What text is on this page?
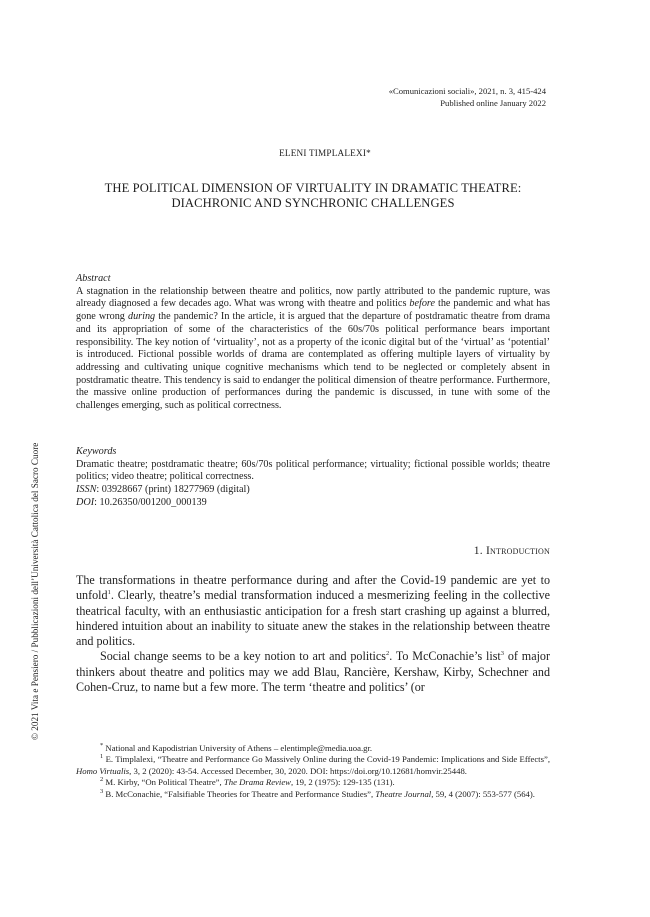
«Comunicazioni sociali», 2021, n. 3, 415-424
Published online January 2022
ELENI TIMPLALEXI*
THE POLITICAL DIMENSION OF VIRTUALITY IN DRAMATIC THEATRE:
DIACHRONIC AND SYNCHRONIC CHALLENGES
Abstract
A stagnation in the relationship between theatre and politics, now partly attributed to the pandemic rupture, was already diagnosed a few decades ago. What was wrong with theatre and politics before the pandemic and what has gone wrong during the pandemic? In the article, it is argued that the departure of postdramatic theatre from drama and its appropriation of some of the characteristics of the 60s/70s political performance bears important responsibility. The key notion of ‘virtuality’, not as a property of the iconic digital but of the ‘virtual’ as ‘potential’ is introduced. Fictional possible worlds of drama are contemplated as offering multiple layers of virtuality by addressing and cultivating unique cognitive mechanisms which tend to be neglected or completely absent in postdramatic theatre. This tendency is said to endanger the political dimension of theatre performance. Furthermore, the massive online production of performances during the pandemic is discussed, in tune with some of the challenges emerging, such as political correctness.
Keywords
Dramatic theatre; postdramatic theatre; 60s/70s political performance; virtuality; fictional possible worlds; theatre politics; video theatre; political correctness.
ISSN: 03928667 (print) 18277969 (digital)
DOI: 10.26350/001200_000139
1. Introduction

The transformations in theatre performance during and after the Covid-19 pandemic are yet to unfold$^1$. Clearly, theatre’s medial transformation induced a mesmerizing feeling in the collective theatrical faculty, with an enthusiastic anticipation for a fresh start crashing up against a blurred, hindered intuition about an inability to situate anew the stakes in the relationship between theatre and politics.

Social change seems to be a key notion to art and politics$^2$. To McConachie’s list$^3$ of major thinkers about theatre and politics may we add Blau, Rancière, Kershaw, Kirby, Schechner and Cohen-Cruz, to name but a few more. The term ‘theatre and politics’ (or

* National and Kapodistrian University of Athens – elentimple@media.uoa.gr.

$^1$ E. Timplalexi, “Theatre and Performance Go Massively Online during the Covid-19 Pandemic: Implications and Side Effects”, Homo Virtualis, 3, 2 (2020): 43-54. Accessed December, 30, 2020. DOI: https://doi.org/10.12681/homvir.25448.

$^2$ M. Kirby, “On Political Theatre”, The Drama Review, 19, 2 (1975): 129-135 (131).

$^3$ B. McConachie, “Falsifiable Theories for Theatre and Performance Studies”, Theatre Journal, 59, 4 (2007): 553-577 (564).

© 2021 Vita e Pensiero / Pubblicazioni dell’Università Cattolica del Sacro Cuore
